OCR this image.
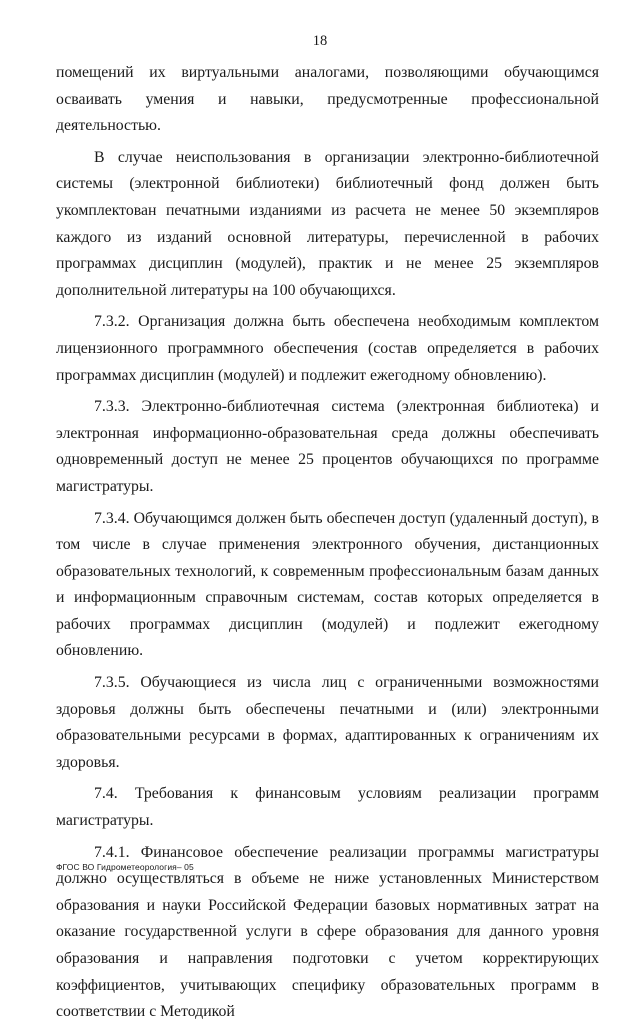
18

помещений их виртуальными аналогами, позволяющими обучающимся осваивать умения и навыки, предусмотренные профессиональной деятельностью.

В случае неиспользования в организации электронно-библиотечной системы (электронной библиотеки) библиотечный фонд должен быть укомплектован печатными изданиями из расчета не менее 50 экземпляров каждого из изданий основной литературы, перечисленной в рабочих программах дисциплин (модулей), практик и не менее 25 экземпляров дополнительной литературы на 100 обучающихся.

7.3.2. Организация должна быть обеспечена необходимым комплектом лицензионного программного обеспечения (состав определяется в рабочих программах дисциплин (модулей) и подлежит ежегодному обновлению).

7.3.3. Электронно-библиотечная система (электронная библиотека) и электронная информационно-образовательная среда должны обеспечивать одновременный доступ не менее 25 процентов обучающихся по программе магистратуры.

7.3.4. Обучающимся должен быть обеспечен доступ (удаленный доступ), в том числе в случае применения электронного обучения, дистанционных образовательных технологий, к современным профессиональным базам данных и информационным справочным системам, состав которых определяется в рабочих программах дисциплин (модулей) и подлежит ежегодному обновлению.

7.3.5. Обучающиеся из числа лиц с ограниченными возможностями здоровья должны быть обеспечены печатными и (или) электронными образовательными ресурсами в формах, адаптированных к ограничениям их здоровья.

7.4. Требования к финансовым условиям реализации программ магистратуры.

7.4.1. Финансовое обеспечение реализации программы магистратуры должно осуществляться в объеме не ниже установленных Министерством образования и науки Российской Федерации базовых нормативных затрат на оказание государственной услуги в сфере образования для данного уровня образования и направления подготовки с учетом корректирующих коэффициентов, учитывающих специфику образовательных программ в соответствии с Методикой

ФГОС ВО Гидрометеорология– 05
